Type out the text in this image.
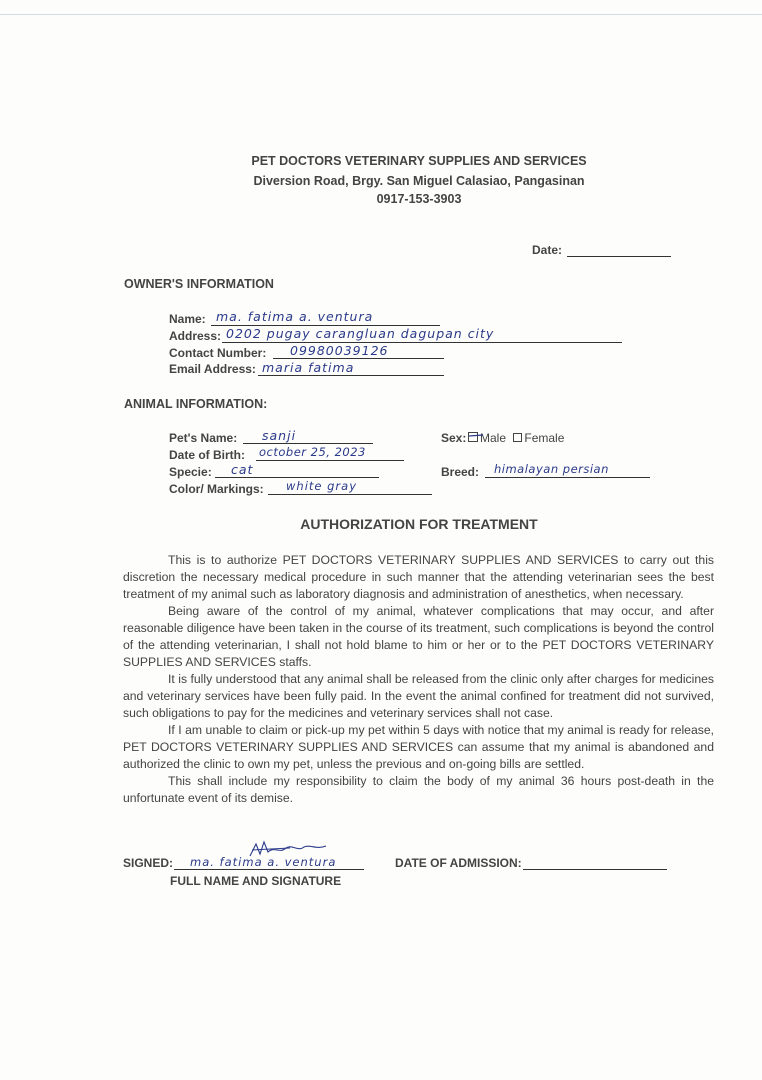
PET DOCTORS VETERINARY SUPPLIES AND SERVICES
Diversion Road, Brgy. San Miguel Calasiao, Pangasinan
0917-153-3903
Date:
OWNER'S INFORMATION
Name: ma. fatima a. ventura
Address: 0202 pugay carangluan dagupan city
Contact Number: 09980039126
Email Address: maria fatima
ANIMAL INFORMATION:
Pet's Name: sanji
Date of Birth: october 25, 2023
Specie: cat
Color/ Markings: white gray
Sex:	Male Female
Breed: himalayan persian
AUTHORIZATION FOR TREATMENT

This is to authorize PET DOCTORS VETERINARY SUPPLIES AND SERVICES to carry out this discretion the necessary medical procedure in such manner that the attending veterinarian sees the best treatment of my animal such as laboratory diagnosis and administration of anesthetics, when necessary.

Being aware of the control of my animal, whatever complications that may occur, and after reasonable diligence have been taken in the course of its treatment, such complications is beyond the control of the attending veterinarian, I shall not hold blame to him or her or to the PET DOCTORS VETERINARY SUPPLIES AND SERVICES staffs.

It is fully understood that any animal shall be released from the clinic only after charges for medicines and veterinary services have been fully paid. In the event the animal confined for treatment did not survived, such obligations to pay for the medicines and veterinary services shall not case.

If I am unable to claim or pick-up my pet within 5 days with notice that my animal is ready for release, PET DOCTORS VETERINARY SUPPLIES AND SERVICES can assume that my animal is abandoned and authorized the clinic to own my pet, unless the previous and on-going bills are settled.

This shall include my responsibility to claim the body of my animal 36 hours post-death in the unfortunate event of its demise.

SIGNED: ma. fatima a. ventura
FULL NAME AND SIGNATURE
DATE OF ADMISSION:
